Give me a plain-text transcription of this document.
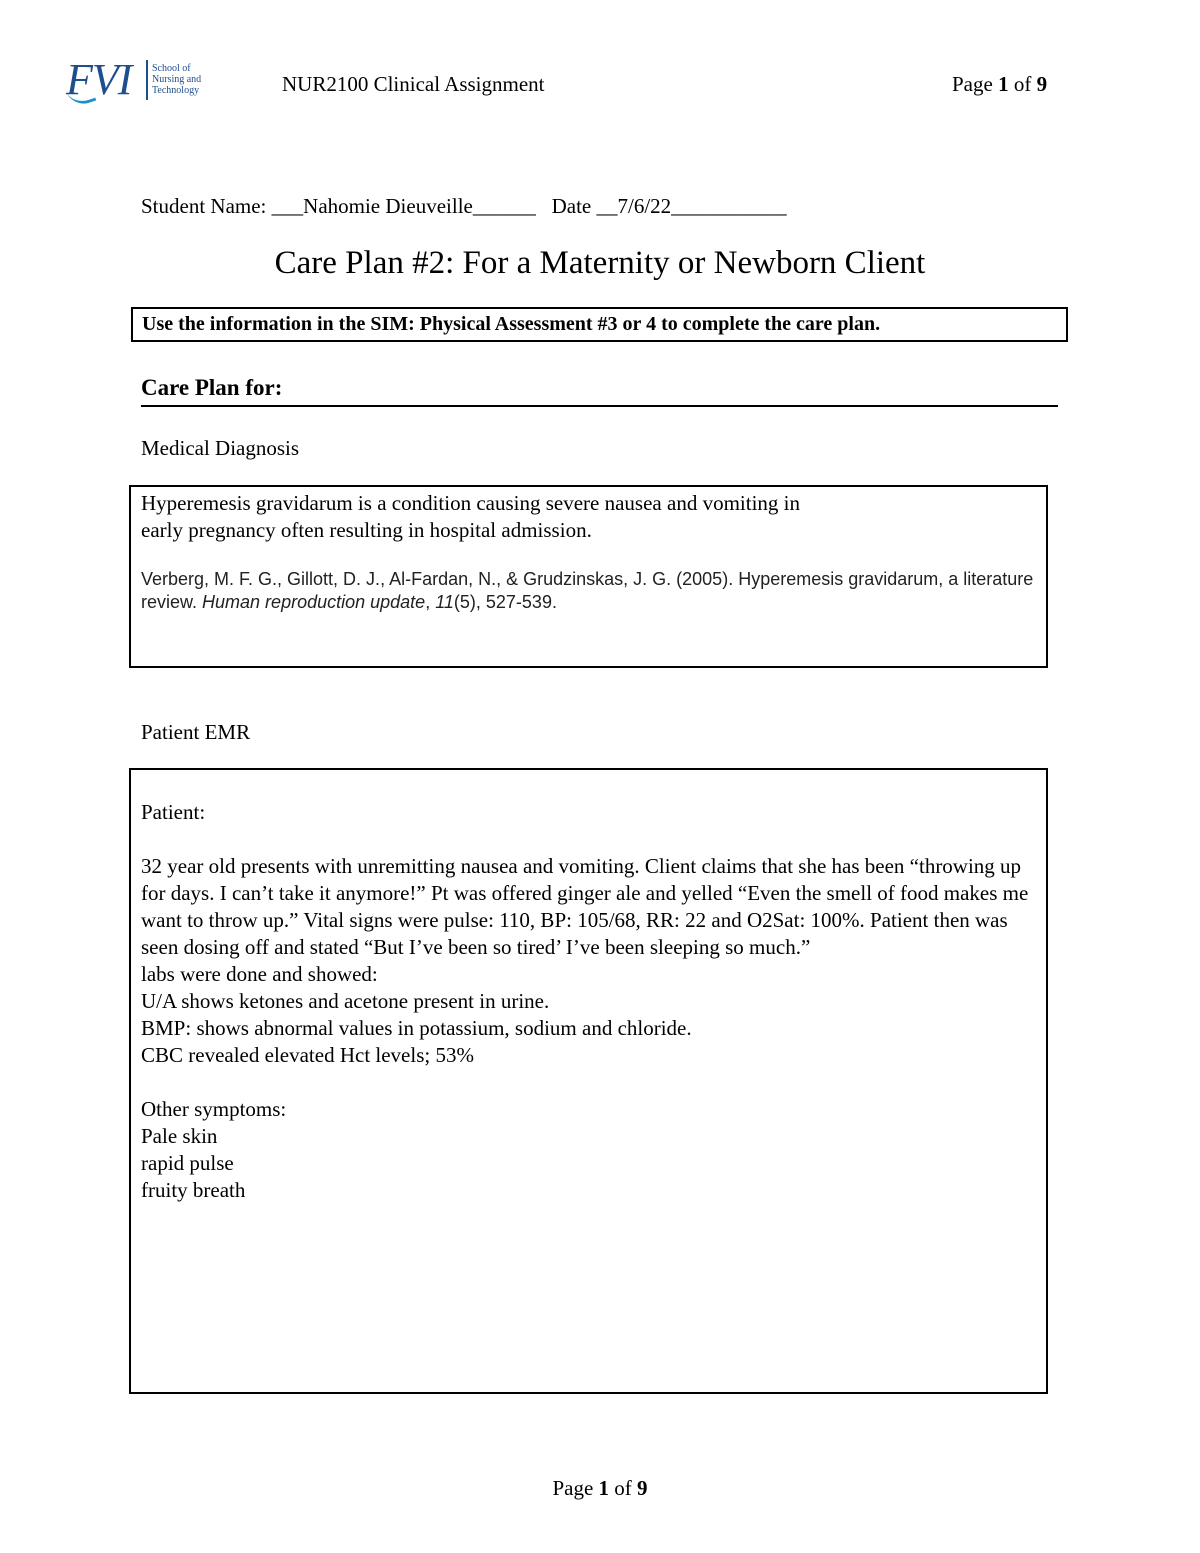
FVI School of
Nursing and
Technology	NUR2100 Clinical Assignment	Page 1 of 9
Student Name: ___Nahomie Dieuveille______ Date __7/6/22___________
Care Plan #2: For a Maternity or Newborn Client
Use the information in the SIM: Physical Assessment #3 or 4 to complete the care plan.
Care Plan for:
Medical Diagnosis
Hyperemesis gravidarum is a condition causing severe nausea and vomiting in
early pregnancy often resulting in hospital admission.
Verberg, M. F. G., Gillott, D. J., Al-Fardan, N., & Grudzinskas, J. G. (2005). Hyperemesis gravidarum, a literature review. Human reproduction update, 11(5), 527-539.
Patient EMR

Patient:

32 year old presents with unremitting nausea and vomiting. Client claims that she has been “throwing up for days. I can’t take it anymore!” Pt was offered ginger ale and yelled “Even the smell of food makes me want to throw up.” Vital signs were pulse: 110, BP: 105/68, RR: 22 and O2Sat: 100%. Patient then was seen dosing off and stated “But I’ve been so tired’ I’ve been sleeping so much.”

labs were done and showed:

U/A shows ketones and acetone present in urine.

BMP: shows abnormal values in potassium, sodium and chloride.

CBC revealed elevated Hct levels; 53%

Other symptoms:

Pale skin

rapid pulse

fruity breath

Page 1 of 9
